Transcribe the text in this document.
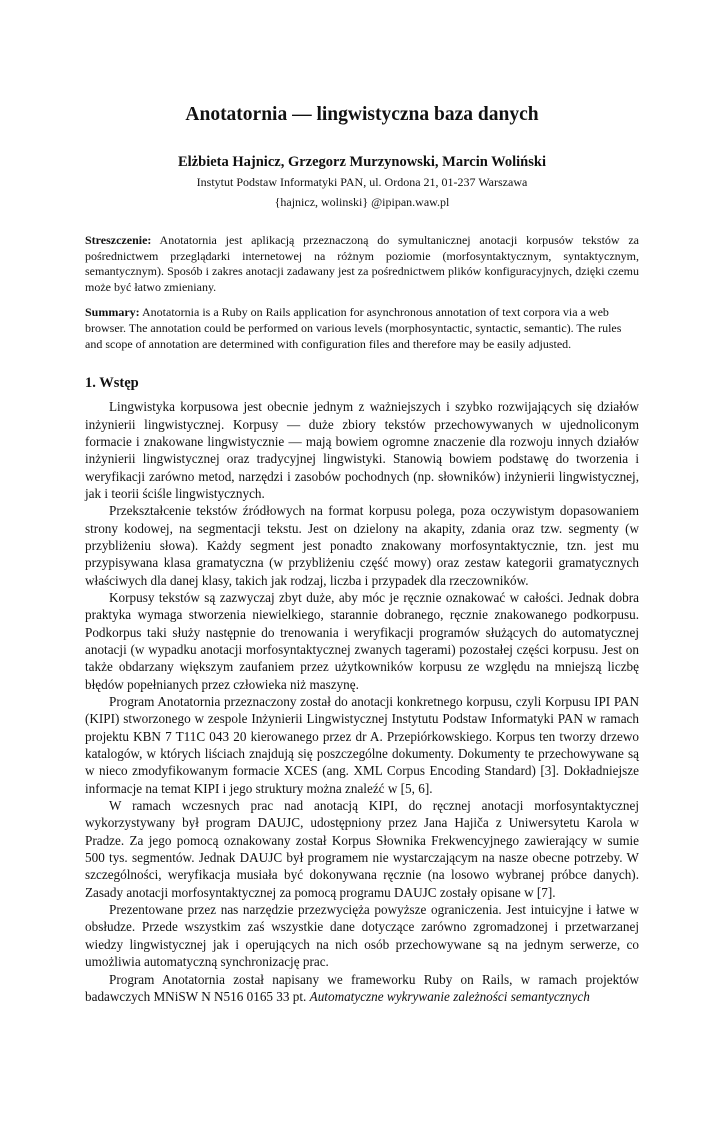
Anotatornia — lingwistyczna baza danych
Elżbieta Hajnicz, Grzegorz Murzynowski, Marcin Woliński
Instytut Podstaw Informatyki PAN, ul. Ordona 21, 01-237 Warszawa
{hajnicz, wolinski} @ipipan.waw.pl

Streszczenie: Anotatornia jest aplikacją przeznaczoną do symultanicznej anotacji korpusów tekstów za pośrednictwem przeglądarki internetowej na różnym poziomie (morfosyntaktycznym, syntaktycznym, semantycznym). Sposób i zakres anotacji zadawany jest za pośrednictwem plików konfiguracyjnych, dzięki czemu może być łatwo zmieniany.

Summary: Anotatornia is a Ruby on Rails application for asynchronous annotation of text corpora via a web browser. The annotation could be performed on various levels (morphosyntactic, syntactic, semantic). The rules and scope of annotation are determined with configuration files and therefore may be easily adjusted.

1. Wstęp

Lingwistyka korpusowa jest obecnie jednym z ważniejszych i szybko rozwijających się działów inżynierii lingwistycznej. Korpusy — duże zbiory tekstów przechowywanych w ujednoliconym formacie i znakowane lingwistycznie — mają bowiem ogromne znaczenie dla rozwoju innych działów inżynierii lingwistycznej oraz tradycyjnej lingwistyki. Stanowią bowiem podstawę do tworzenia i weryfikacji zarówno metod, narzędzi i zasobów pochodnych (np. słowników) inżynierii lingwistycznej, jak i teorii ściśle lingwistycznych.

Przekształcenie tekstów źródłowych na format korpusu polega, poza oczywistym dopasowaniem strony kodowej, na segmentacji tekstu. Jest on dzielony na akapity, zdania oraz tzw. segmenty (w przybliżeniu słowa). Każdy segment jest ponadto znakowany morfosyntaktycznie, tzn. jest mu przypisywana klasa gramatyczna (w przybliżeniu część mowy) oraz zestaw kategorii gramatycznych właściwych dla danej klasy, takich jak rodzaj, liczba i przypadek dla rzeczowników.

Korpusy tekstów są zazwyczaj zbyt duże, aby móc je ręcznie oznakować w całości. Jednak dobra praktyka wymaga stworzenia niewielkiego, starannie dobranego, ręcznie znakowanego podkorpusu. Podkorpus taki służy następnie do trenowania i weryfikacji programów służących do automatycznej anotacji (w wypadku anotacji morfosyntaktycznej zwanych tagerami) pozostałej części korpusu. Jest on także obdarzany większym zaufaniem przez użytkowników korpusu ze względu na mniejszą liczbę błędów popełnianych przez człowieka niż maszynę.

Program Anotatornia przeznaczony został do anotacji konkretnego korpusu, czyli Korpusu IPI PAN (KIPI) stworzonego w zespole Inżynierii Lingwistycznej Instytutu Podstaw Informatyki PAN w ramach projektu KBN 7 T11C 043 20 kierowanego przez dr A. Przepiórkowskiego. Korpus ten tworzy drzewo katalogów, w których liściach znajdują się poszczególne dokumenty. Dokumenty te przechowywane są w nieco zmodyfikowanym formacie XCES (ang. XML Corpus Encoding Standard) [3]. Dokładniejsze informacje na temat KIPI i jego struktury można znaleźć w [5, 6].

W ramach wczesnych prac nad anotacją KIPI, do ręcznej anotacji morfosyntaktycznej wykorzystywany był program DAUJC, udostępniony przez Jana Hajiča z Uniwersytetu Karola w Pradze. Za jego pomocą oznakowany został Korpus Słownika Frekwencyjnego zawierający w sumie 500 tys. segmentów. Jednak DAUJC był programem nie wystarczającym na nasze obecne potrzeby. W szczególności, weryfikacja musiała być dokonywana ręcznie (na losowo wybranej próbce danych). Zasady anotacji morfosyntaktycznej za pomocą programu DAUJC zostały opisane w [7].

Prezentowane przez nas narzędzie przezwycięża powyższe ograniczenia. Jest intuicyjne i łatwe w obsłudze. Przede wszystkim zaś wszystkie dane dotyczące zarówno zgromadzonej i przetwarzanej wiedzy lingwistycznej jak i operujących na nich osób przechowywane są na jednym serwerze, co umożliwia automatyczną synchronizację prac.

Program Anotatornia został napisany we frameworku Ruby on Rails, w ramach projektów badawczych MNiSW N N516 0165 33 pt. Automatyczne wykrywanie zależności semantycznych
